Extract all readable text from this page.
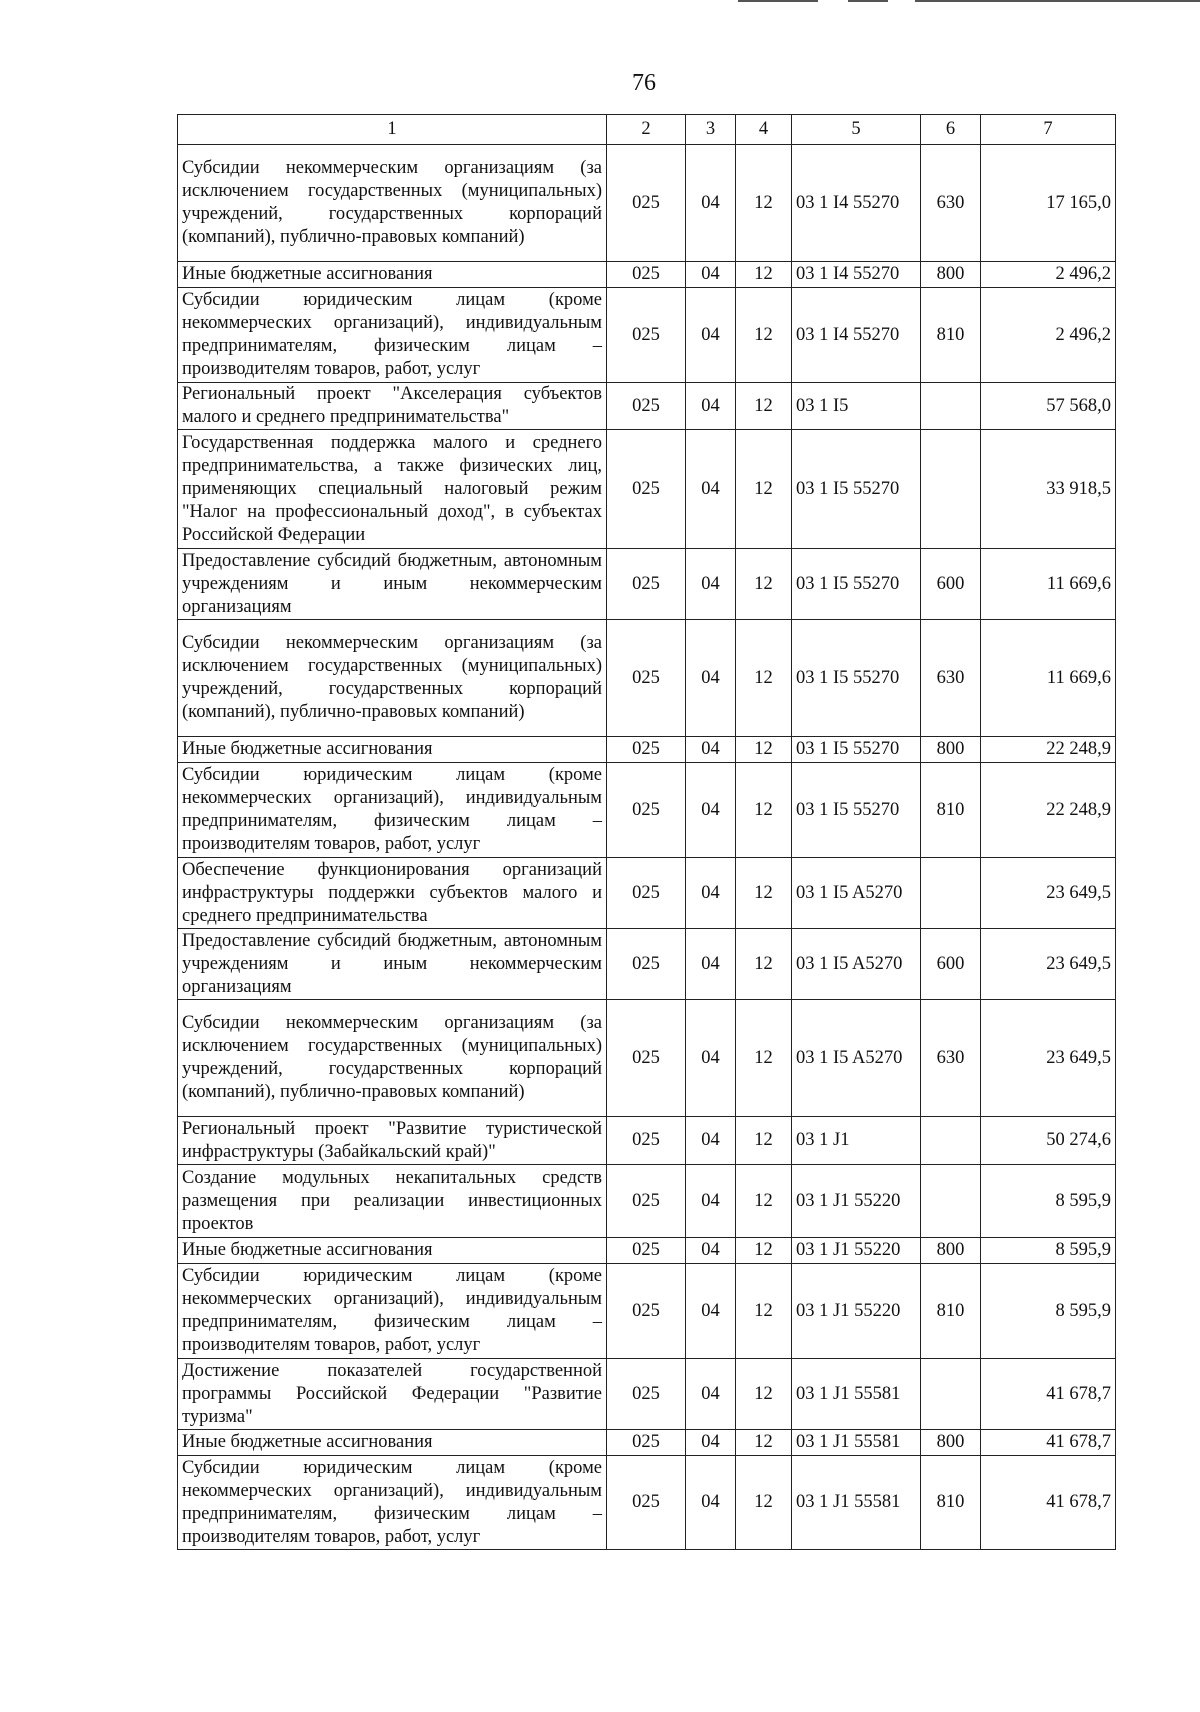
76
1	2	3	4	5	6	7
Субсидии некоммерческим организациям (за исключением государственных (муниципальных) учреждений, государственных корпораций (компаний), публично-правовых компаний)	025	04	12	03 1 I4 55270	630	17 165,0
Иные бюджетные ассигнования	025	04	12	03 1 I4 55270	800	2 496,2
Субсидии юридическим лицам (кроме некоммерческих организаций), индивидуальным предпринимателям, физическим лицам – производителям товаров, работ, услуг	025	04	12	03 1 I4 55270	810	2 496,2
Региональный проект "Акселерация субъектов малого и среднего предпринимательства"	025	04	12	03 1 I5		57 568,0
Государственная поддержка малого и среднего предпринимательства, а также физических лиц, применяющих специальный налоговый режим "Налог на профессиональный доход", в субъектах Российской Федерации	025	04	12	03 1 I5 55270		33 918,5
Предоставление субсидий бюджетным, автономным учреждениям и иным некоммерческим организациям	025	04	12	03 1 I5 55270	600	11 669,6
Субсидии некоммерческим организациям (за исключением государственных (муниципальных) учреждений, государственных корпораций (компаний), публично-правовых компаний)	025	04	12	03 1 I5 55270	630	11 669,6
Иные бюджетные ассигнования	025	04	12	03 1 I5 55270	800	22 248,9
Субсидии юридическим лицам (кроме некоммерческих организаций), индивидуальным предпринимателям, физическим лицам – производителям товаров, работ, услуг	025	04	12	03 1 I5 55270	810	22 248,9
Обеспечение функционирования организаций инфраструктуры поддержки субъектов малого и среднего предпринимательства	025	04	12	03 1 I5 A5270		23 649,5
Предоставление субсидий бюджетным, автономным учреждениям и иным некоммерческим организациям	025	04	12	03 1 I5 A5270	600	23 649,5
Субсидии некоммерческим организациям (за исключением государственных (муниципальных) учреждений, государственных корпораций (компаний), публично-правовых компаний)	025	04	12	03 1 I5 A5270	630	23 649,5
Региональный проект "Развитие туристической инфраструктуры (Забайкальский край)"	025	04	12	03 1 J1		50 274,6
Создание модульных некапитальных средств размещения при реализации инвестиционных проектов	025	04	12	03 1 J1 55220		8 595,9
Иные бюджетные ассигнования	025	04	12	03 1 J1 55220	800	8 595,9
Субсидии юридическим лицам (кроме некоммерческих организаций), индивидуальным предпринимателям, физическим лицам – производителям товаров, работ, услуг	025	04	12	03 1 J1 55220	810	8 595,9
Достижение показателей государственной программы Российской Федерации "Развитие туризма"	025	04	12	03 1 J1 55581		41 678,7
Иные бюджетные ассигнования	025	04	12	03 1 J1 55581	800	41 678,7
Субсидии юридическим лицам (кроме некоммерческих организаций), индивидуальным предпринимателям, физическим лицам – производителям товаров, работ, услуг	025	04	12	03 1 J1 55581	810	41 678,7
